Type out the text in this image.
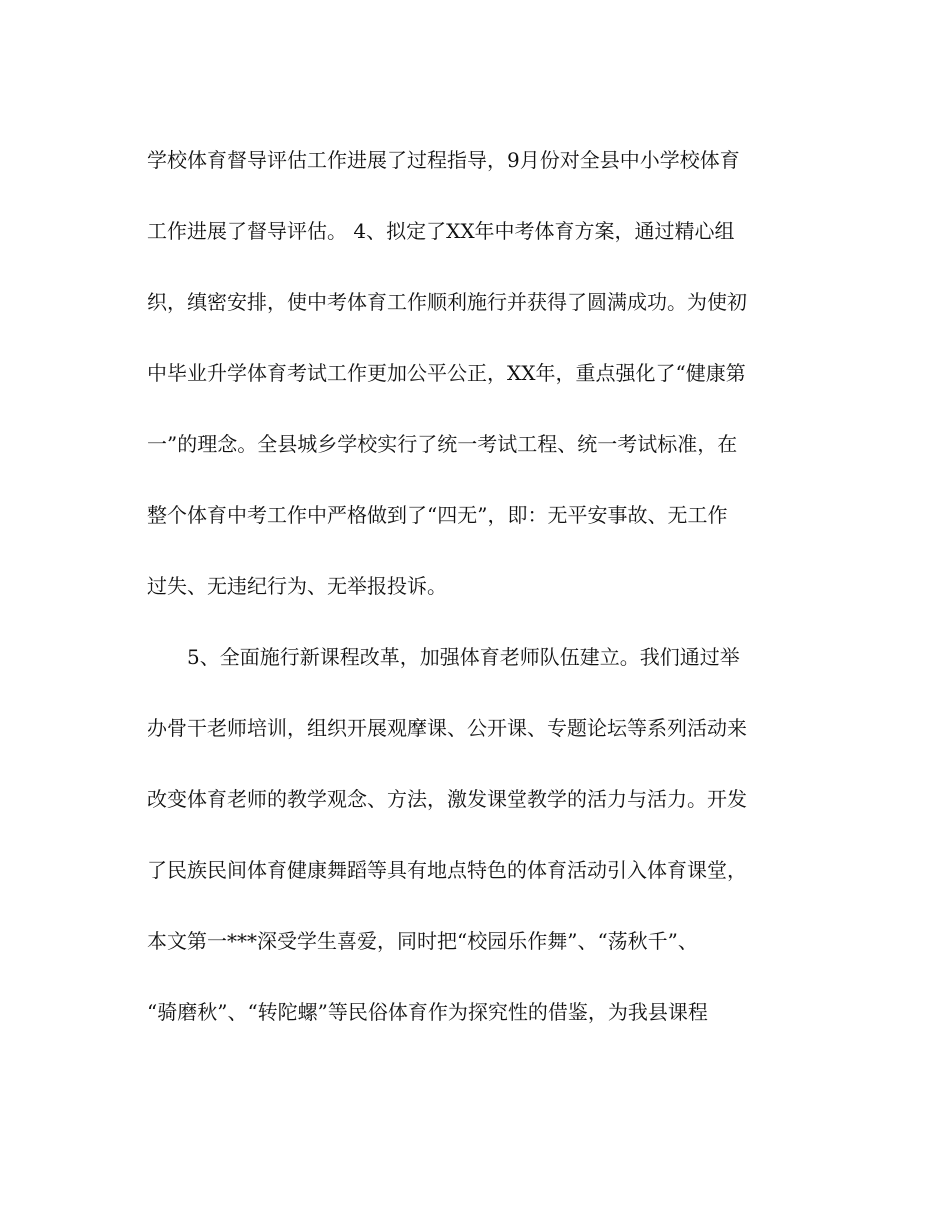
学校体育督导评估工作进展了过程指导，9月份对全县中小学校体育
工作进展了督导评估。 4、拟定了XX年中考体育方案，通过精心组
织，缜密安排，使中考体育工作顺利施行并获得了圆满成功。为使初
中毕业升学体育考试工作更加公平公正，XX年，重点强化了“健康第
一”的理念。全县城乡学校实行了统一考试工程、统一考试标准，在
整个体育中考工作中严格做到了“四无”，即：无平安事故、无工作
过失、无违纪行为、无举报投诉。
5、全面施行新课程改革，加强体育老师队伍建立。我们通过举
办骨干老师培训，组织开展观摩课、公开课、专题论坛等系列活动来
改变体育老师的教学观念、方法，激发课堂教学的活力与活力。开发
了民族民间体育健康舞蹈等具有地点特色的体育活动引入体育课堂，
本文第一***深受学生喜爱，同时把“校园乐作舞”、“荡秋千”、
“骑磨秋”、“转陀螺”等民俗体育作为探究性的借鉴，为我县课程
